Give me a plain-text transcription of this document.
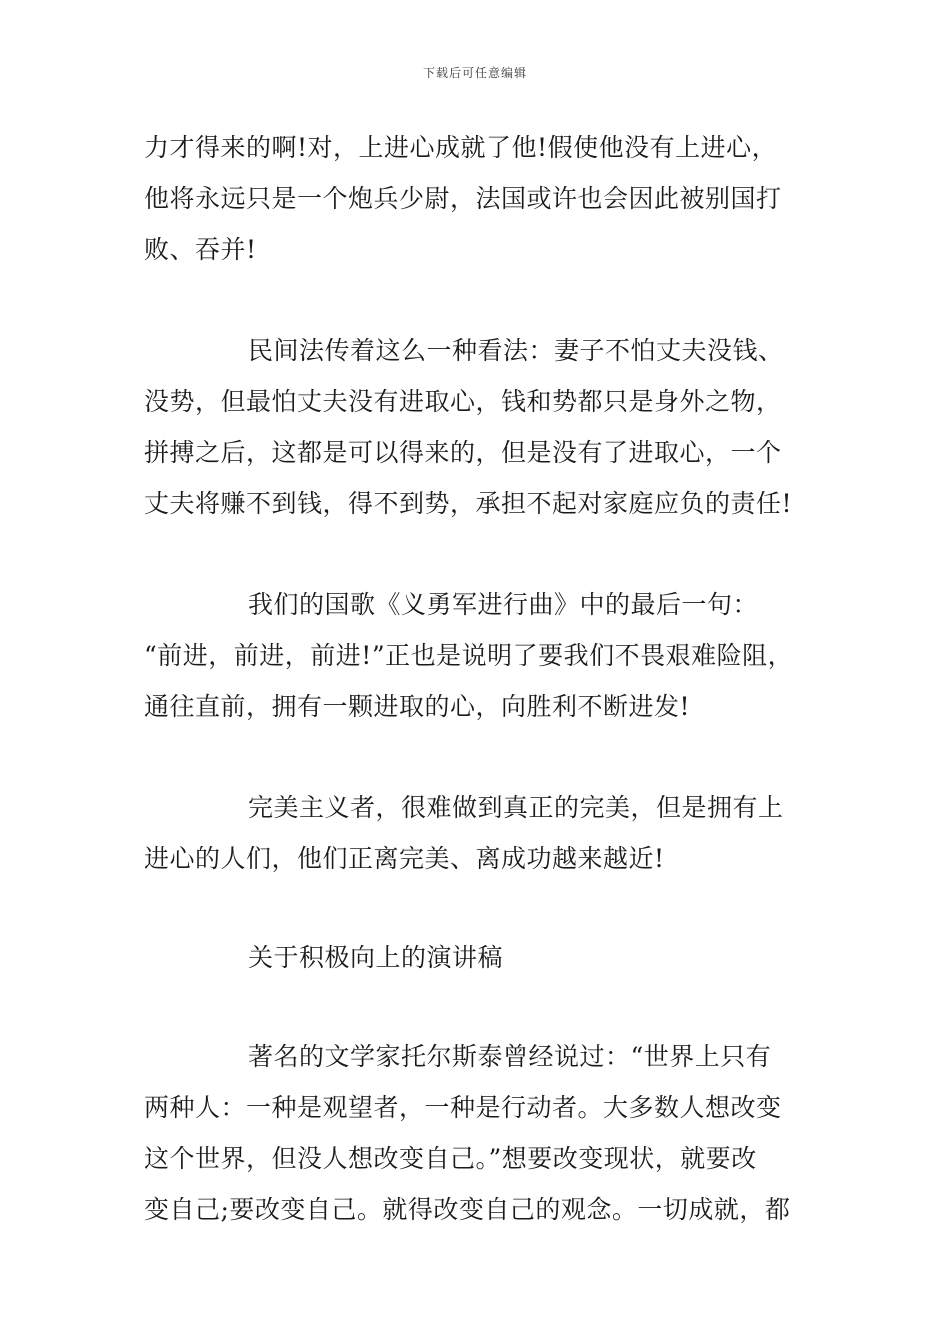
下载后可任意编辑
力才得来的啊!对，上进心成就了他!假使他没有上进心，
他将永远只是一个炮兵少尉，法国或许也会因此被别国打
败、吞并!
民间法传着这么一种看法：妻子不怕丈夫没钱、
没势，但最怕丈夫没有进取心，钱和势都只是身外之物，
拼搏之后，这都是可以得来的，但是没有了进取心，一个
丈夫将赚不到钱，得不到势，承担不起对家庭应负的责任!
我们的国歌《义勇军进行曲》中的最后一句：
“前进，前进，前进!”正也是说明了要我们不畏艰难险阻，
通往直前，拥有一颗进取的心，向胜利不断进发!
完美主义者，很难做到真正的完美，但是拥有上
进心的人们，他们正离完美、离成功越来越近!
关于积极向上的演讲稿
著名的文学家托尔斯泰曾经说过：“世界上只有
两种人：一种是观望者，一种是行动者。大多数人想改变
这个世界，但没人想改变自己。”想要改变现状，就要改
变自己;要改变自己。就得改变自己的观念。一切成就，都
